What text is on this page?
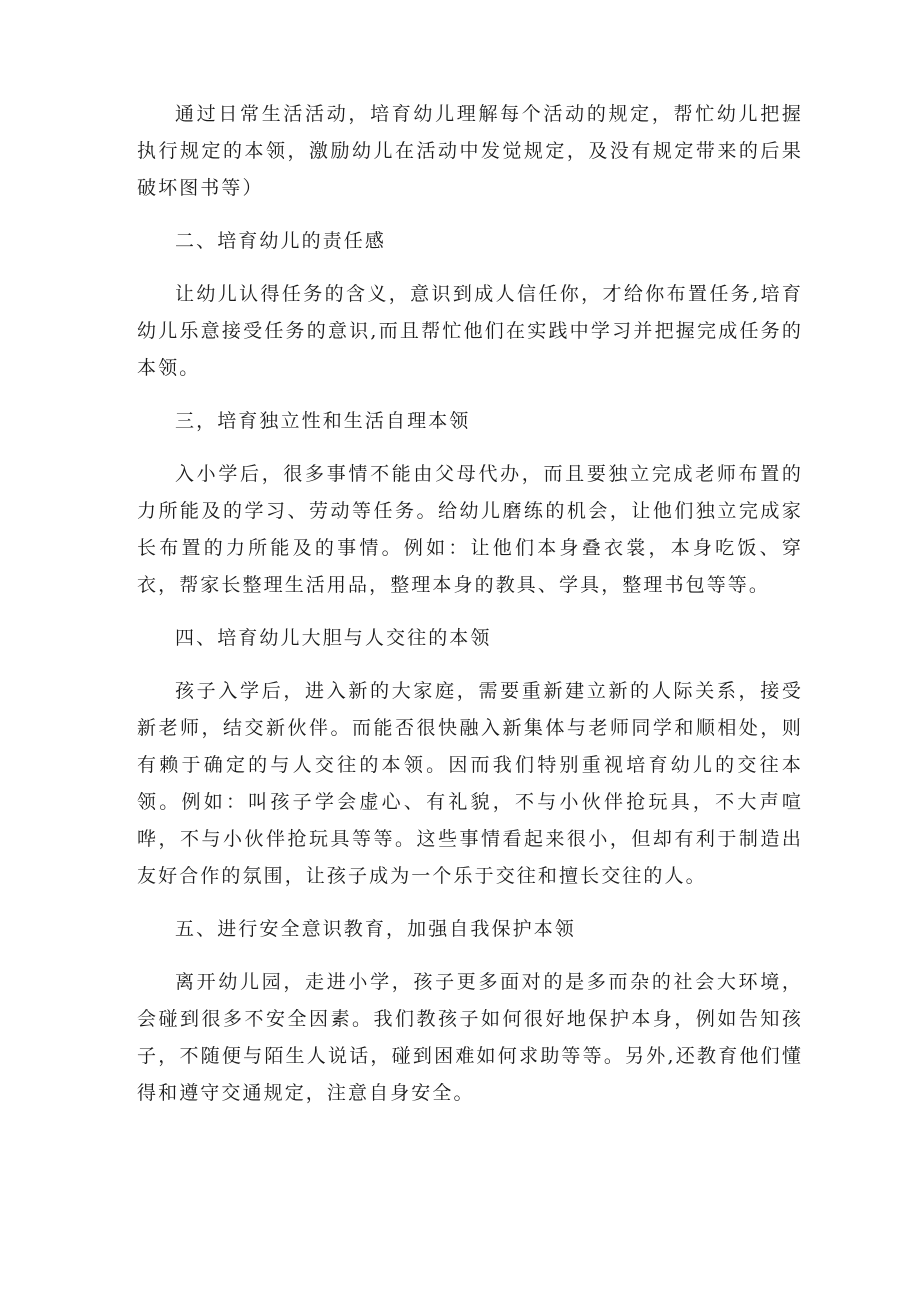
通过日常生活活动，培育幼儿理解每个活动的规定，帮忙幼儿把握执行规定的本领，激励幼儿在活动中发觉规定，及没有规定带来的后果破坏图书等）

二、培育幼儿的责任感

让幼儿认得任务的含义，意识到成人信任你，才给你布置任务,培育幼儿乐意接受任务的意识,而且帮忙他们在实践中学习并把握完成任务的本领。

三，培育独立性和生活自理本领

入小学后，很多事情不能由父母代办，而且要独立完成老师布置的力所能及的学习、劳动等任务。给幼儿磨练的机会，让他们独立完成家长布置的力所能及的事情。例如：让他们本身叠衣裳，本身吃饭、穿衣，帮家长整理生活用品，整理本身的教具、学具，整理书包等等。

四、培育幼儿大胆与人交往的本领

孩子入学后，进入新的大家庭，需要重新建立新的人际关系，接受新老师，结交新伙伴。而能否很快融入新集体与老师同学和顺相处，则有赖于确定的与人交往的本领。因而我们特别重视培育幼儿的交往本领。例如：叫孩子学会虚心、有礼貌，不与小伙伴抢玩具，不大声喧哗，不与小伙伴抢玩具等等。这些事情看起来很小，但却有利于制造出友好合作的氛围，让孩子成为一个乐于交往和擅长交往的人。

五、进行安全意识教育，加强自我保护本领

离开幼儿园，走进小学，孩子更多面对的是多而杂的社会大环境，会碰到很多不安全因素。我们教孩子如何很好地保护本身，例如告知孩子，不随便与陌生人说话，碰到困难如何求助等等。另外,还教育他们懂得和遵守交通规定，注意自身安全。
